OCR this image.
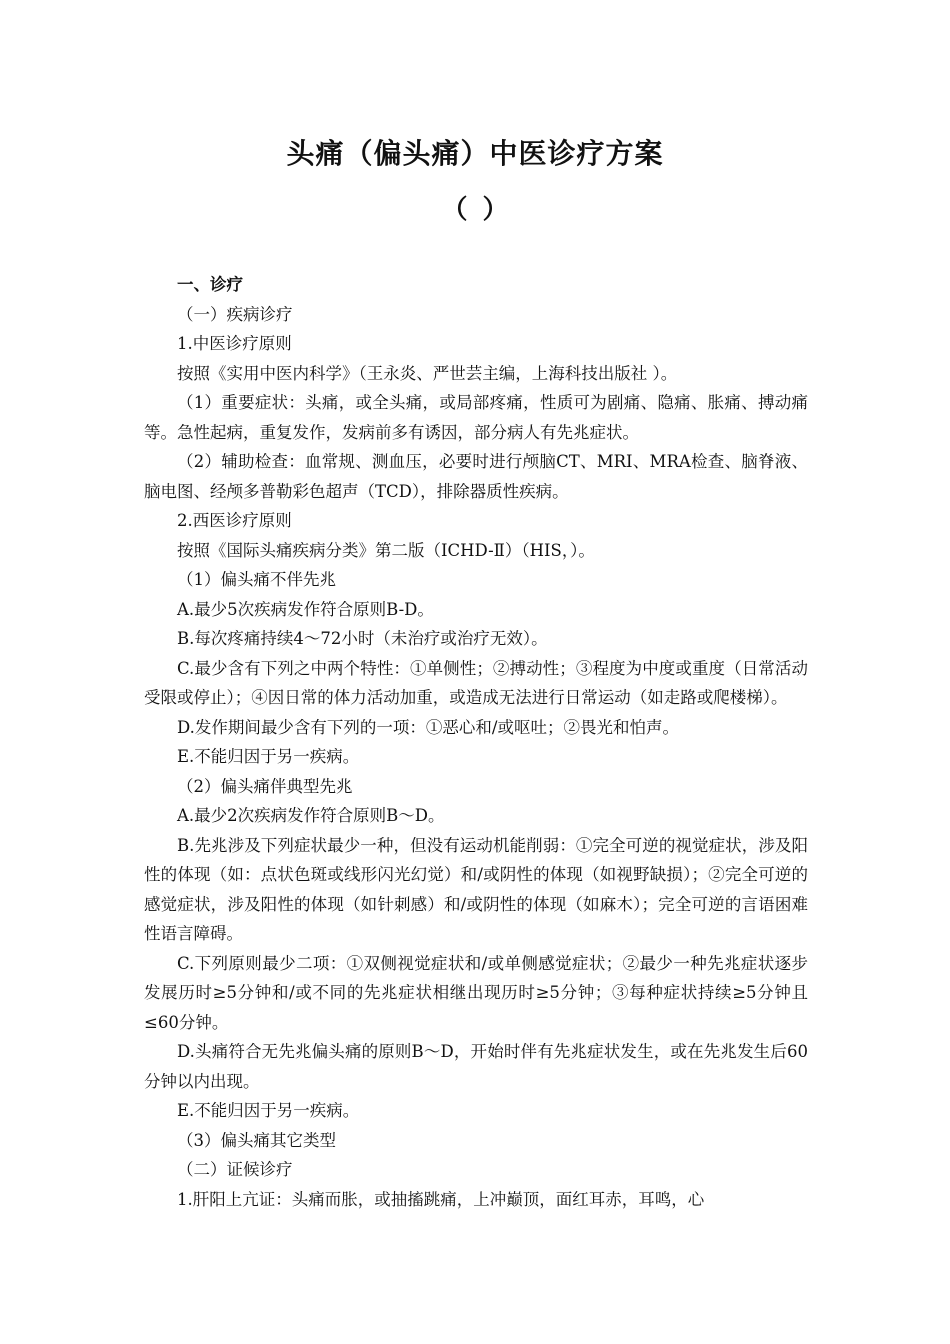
头痛（偏头痛）中医诊疗方案
（ ）

一、诊疗

（一）疾病诊疗

1.中医诊疗原则

按照《实用中医内科学》（王永炎、严世芸主编，上海科技出版社 ）。

（1）重要症状：头痛，或全头痛，或局部疼痛，性质可为剧痛、隐痛、胀痛、搏动痛等。急性起病，重复发作，发病前多有诱因，部分病人有先兆症状。

（2）辅助检查：血常规、测血压，必要时进行颅脑CT、MRI、MRA检查、脑脊液、脑电图、经颅多普勒彩色超声（TCD），排除器质性疾病。

2.西医诊疗原则

按照《国际头痛疾病分类》第二版（ICHD-Ⅱ）（HIS，）。

（1）偏头痛不伴先兆

A.最少5次疾病发作符合原则B-D。

B.每次疼痛持续4～72小时（未治疗或治疗无效）。

C.最少含有下列之中两个特性：①单侧性；②搏动性；③程度为中度或重度（日常活动受限或停止）；④因日常的体力活动加重，或造成无法进行日常运动（如走路或爬楼梯）。

D.发作期间最少含有下列的一项：①恶心和/或呕吐；②畏光和怕声。

E.不能归因于另一疾病。

（2）偏头痛伴典型先兆

A.最少2次疾病发作符合原则B～D。

B.先兆涉及下列症状最少一种，但没有运动机能削弱：①完全可逆的视觉症状，涉及阳性的体现（如：点状色斑或线形闪光幻觉）和/或阴性的体现（如视野缺损）；②完全可逆的感觉症状，涉及阳性的体现（如针刺感）和/或阴性的体现（如麻木）；完全可逆的言语困难性语言障碍。

C.下列原则最少二项：①双侧视觉症状和/或单侧感觉症状；②最少一种先兆症状逐步发展历时≥5分钟和/或不同的先兆症状相继出现历时≥5分钟；③每种症状持续≥5分钟且≤60分钟。

D.头痛符合无先兆偏头痛的原则B～D，开始时伴有先兆症状发生，或在先兆发生后60分钟以内出现。

E.不能归因于另一疾病。

（3）偏头痛其它类型

（二）证候诊疗

1.肝阳上亢证：头痛而胀，或抽搐跳痛，上冲巅顶，面红耳赤，耳鸣，心
